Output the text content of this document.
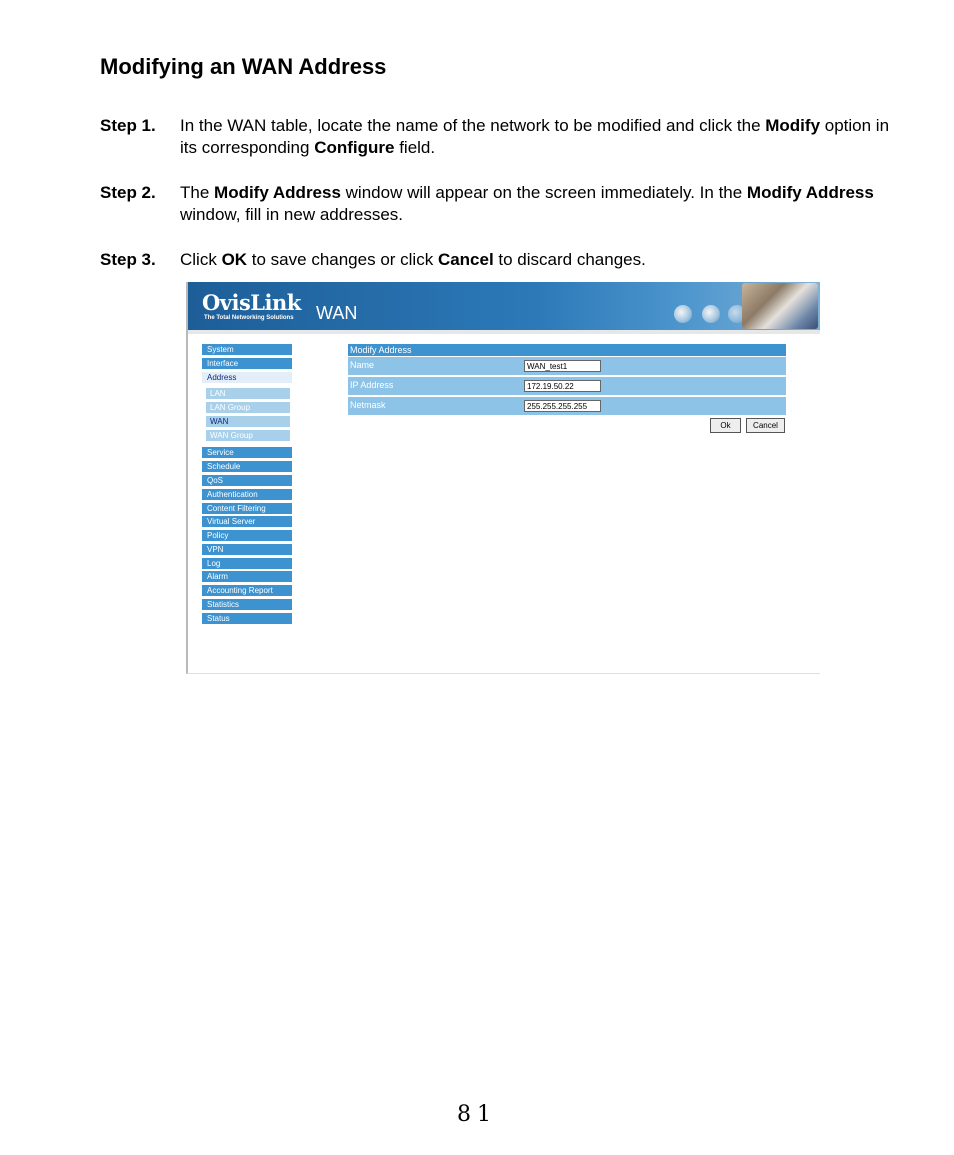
Modifying an WAN Address
Step 1. In the WAN table, locate the name of the network to be modified and click the Modify option in its corresponding Configure field.
Step 2. The Modify Address window will appear on the screen immediately. In the Modify Address window, fill in new addresses.
Step 3. Click OK to save changes or click Cancel to discard changes.
OvisLink
The Total Networking Solutions WAN
System
Interface
Address
LAN
LAN Group
WAN
WAN Group
Service
Schedule
QoS
Authentication
Content Filtering
Virtual Server
Policy
VPN
Log
Alarm
Accounting Report
Statistics
Status
Modify Address
Name
WAN_test1
IP Address
172.19.50.22
Netmask
255.255.255.255
Ok	Cancel
81
